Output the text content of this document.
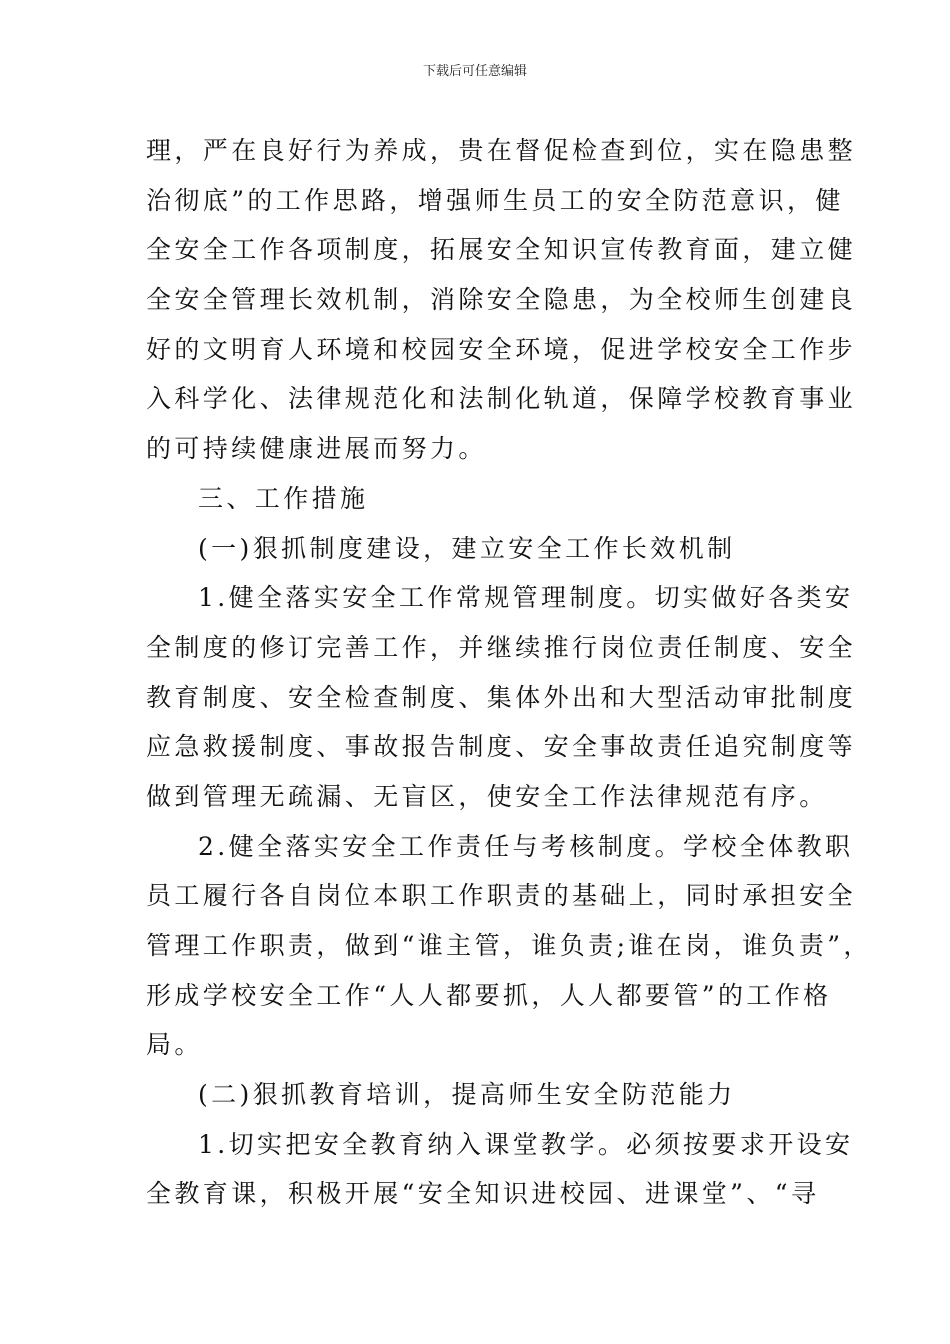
下载后可任意编辑

理，严在良好行为养成，贵在督促检查到位，实在隐患整
治彻底”的工作思路，增强师生员工的安全防范意识，健
全安全工作各项制度，拓展安全知识宣传教育面，建立健
全安全管理长效机制，消除安全隐患，为全校师生创建良
好的文明育人环境和校园安全环境，促进学校安全工作步
入科学化、法律规范化和法制化轨道，保障学校教育事业
的可持续健康进展而努力。

三、工作措施

(一)狠抓制度建设，建立安全工作长效机制

1.健全落实安全工作常规管理制度。切实做好各类安
全制度的修订完善工作，并继续推行岗位责任制度、安全
教育制度、安全检查制度、集体外出和大型活动审批制度
应急救援制度、事故报告制度、安全事故责任追究制度等
做到管理无疏漏、无盲区，使安全工作法律规范有序。

2.健全落实安全工作责任与考核制度。学校全体教职
员工履行各自岗位本职工作职责的基础上，同时承担安全
管理工作职责，做到“谁主管，谁负责;谁在岗，谁负责”，
形成学校安全工作“人人都要抓，人人都要管”的工作格
局。

(二)狠抓教育培训，提高师生安全防范能力

1.切实把安全教育纳入课堂教学。必须按要求开设安
全教育课，积极开展“安全知识进校园、进课堂”、“寻
